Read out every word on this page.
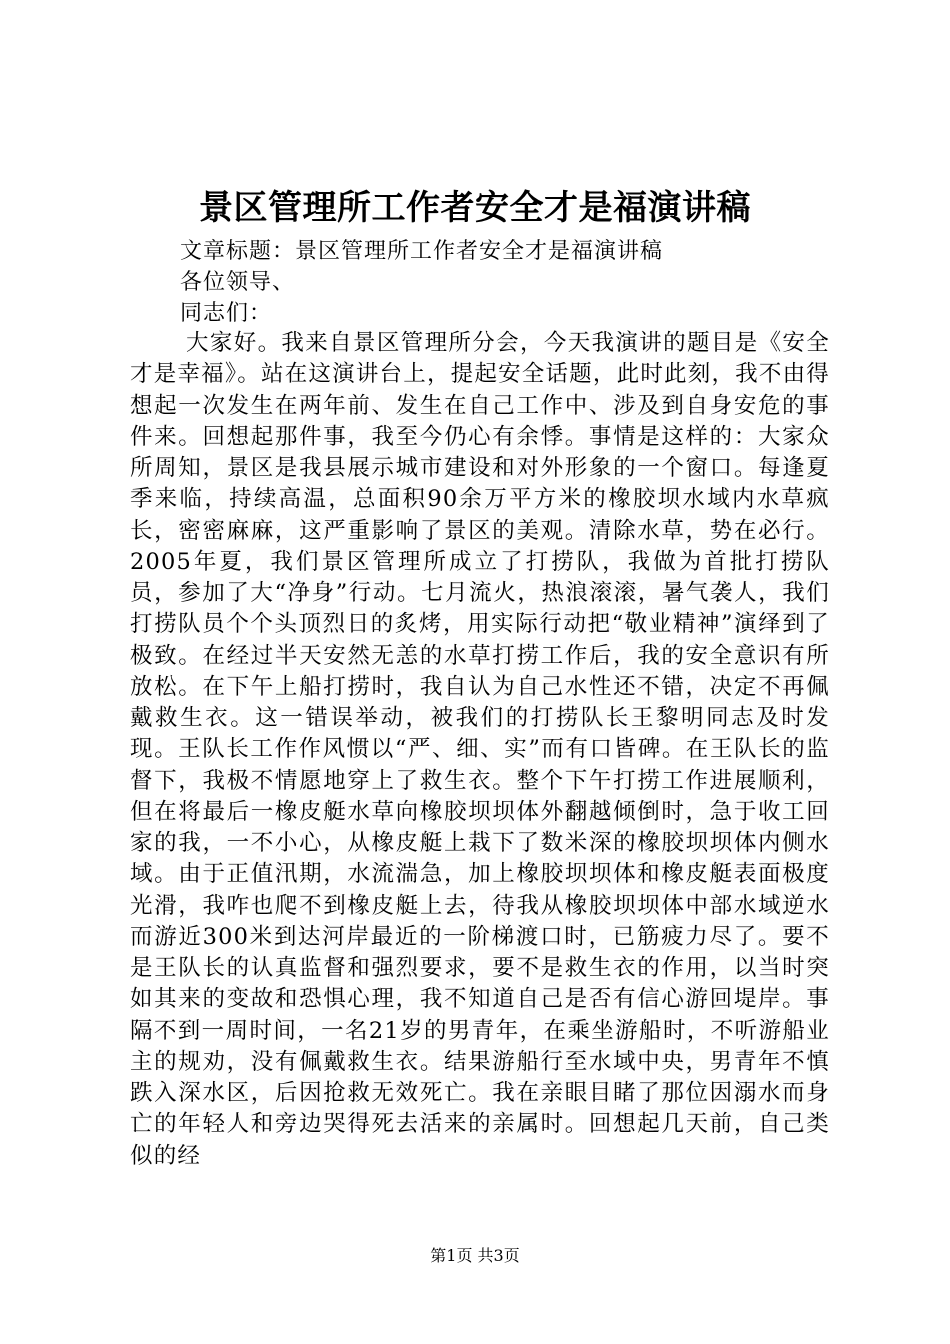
景区管理所工作者安全才是福演讲稿
文章标题：景区管理所工作者安全才是福演讲稿
各位领导、
同志们：
大家好。我来自景区管理所分会，今天我演讲的题目是《安全才是幸福》。站在这演讲台上，提起安全话题，此时此刻，我不由得想起一次发生在两年前、发生在自己工作中、涉及到自身安危的事件来。回想起那件事，我至今仍心有余悸。事情是这样的：大家众所周知，景区是我县展示城市建设和对外形象的一个窗口。每逢夏季来临，持续高温，总面积90余万平方米的橡胶坝水域内水草疯长，密密麻麻，这严重影响了景区的美观。清除水草，势在必行。2005年夏，我们景区管理所成立了打捞队，我做为首批打捞队员，参加了大“净身”行动。七月流火，热浪滚滚，暑气袭人，我们打捞队员个个头顶烈日的炙烤，用实际行动把“敬业精神”演绎到了极致。在经过半天安然无恙的水草打捞工作后，我的安全意识有所放松。在下午上船打捞时，我自认为自己水性还不错，决定不再佩戴救生衣。这一错误举动，被我们的打捞队长王黎明同志及时发现。王队长工作作风惯以“严、细、实”而有口皆碑。在王队长的监督下，我极不情愿地穿上了救生衣。整个下午打捞工作进展顺利，但在将最后一橡皮艇水草向橡胶坝坝体外翻越倾倒时，急于收工回家的我，一不小心，从橡皮艇上栽下了数米深的橡胶坝坝体内侧水域。由于正值汛期，水流湍急，加上橡胶坝坝体和橡皮艇表面极度光滑，我咋也爬不到橡皮艇上去，待我从橡胶坝坝体中部水域逆水而游近300米到达河岸最近的一阶梯渡口时，已筋疲力尽了。要不是王队长的认真监督和强烈要求，要不是救生衣的作用，以当时突如其来的变故和恐惧心理，我不知道自己是否有信心游回堤岸。事隔不到一周时间，一名21岁的男青年，在乘坐游船时，不听游船业主的规劝，没有佩戴救生衣。结果游船行至水域中央，男青年不慎跌入深水区，后因抢救无效死亡。我在亲眼目睹了那位因溺水而身亡的年轻人和旁边哭得死去活来的亲属时。回想起几天前，自己类似的经
第1页 共3页
